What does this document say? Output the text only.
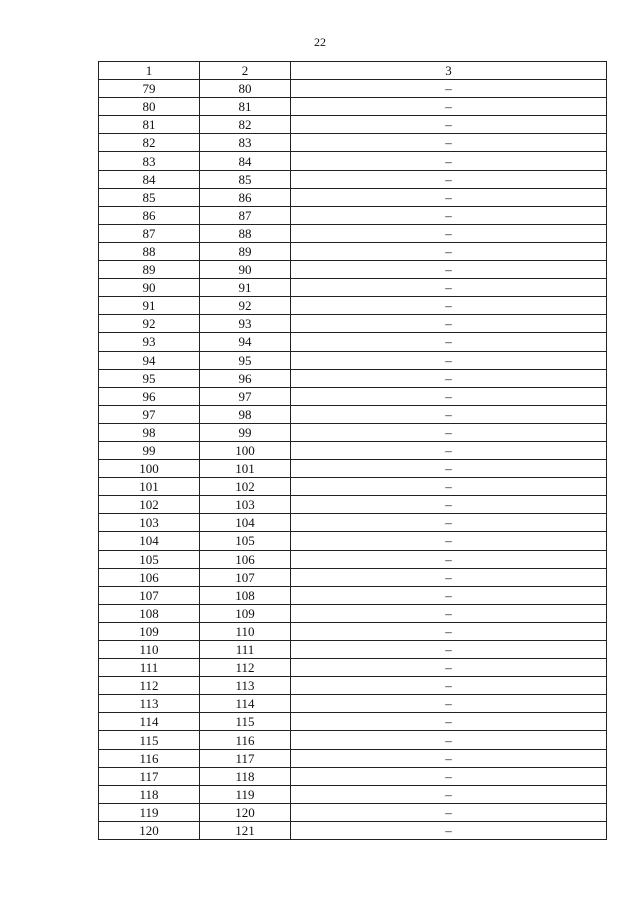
22
1	2	3
79	80	–
80	81	–
81	82	–
82	83	–
83	84	–
84	85	–
85	86	–
86	87	–
87	88	–
88	89	–
89	90	–
90	91	–
91	92	–
92	93	–
93	94	–
94	95	–
95	96	–
96	97	–
97	98	–
98	99	–
99	100	–
100	101	–
101	102	–
102	103	–
103	104	–
104	105	–
105	106	–
106	107	–
107	108	–
108	109	–
109	110	–
110	111	–
111	112	–
112	113	–
113	114	–
114	115	–
115	116	–
116	117	–
117	118	–
118	119	–
119	120	–
120	121	–
